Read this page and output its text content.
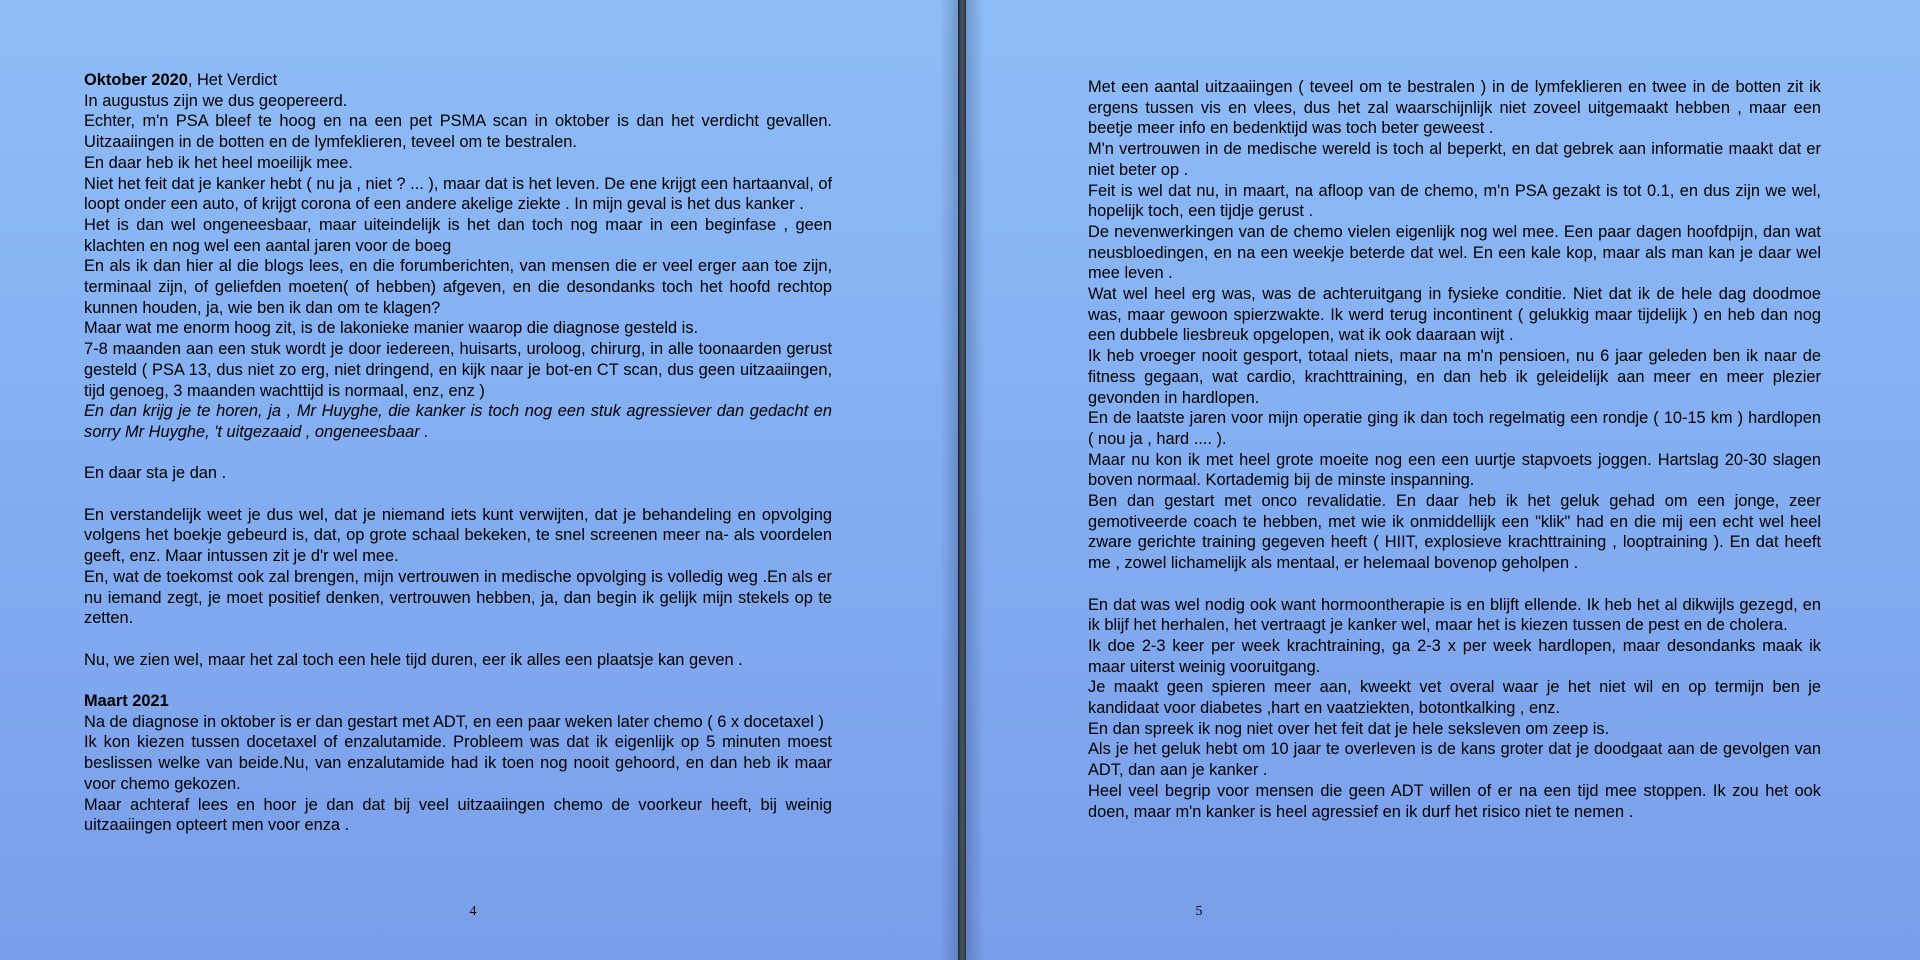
Oktober 2020, Het Verdict

In augustus zijn we dus geopereerd.

Echter, m'n PSA bleef te hoog en na een pet PSMA scan in oktober is dan het verdicht gevallen. Uitzaaiingen in de botten en de lymfeklieren, teveel om te bestralen.

En daar heb ik het heel moeilijk mee.

Niet het feit dat je kanker hebt ( nu ja , niet ? ... ), maar dat is het leven. De ene krijgt een hartaanval, of loopt onder een auto, of krijgt corona of een andere akelige ziekte . In mijn geval is het dus kanker .

Het is dan wel ongeneesbaar, maar uiteindelijk is het dan toch nog maar in een beginfase , geen klachten en nog wel een aantal jaren voor de boeg

En als ik dan hier al die blogs lees, en die forumberichten, van mensen die er veel erger aan toe zijn, terminaal zijn, of geliefden moeten( of hebben) afgeven, en die desondanks toch het hoofd rechtop kunnen houden, ja, wie ben ik dan om te klagen?

Maar wat me enorm hoog zit, is de lakonieke manier waarop die diagnose gesteld is.

7-8 maanden aan een stuk wordt je door iedereen, huisarts, uroloog, chirurg, in alle toonaarden gerust gesteld ( PSA 13, dus niet zo erg, niet dringend, en kijk naar je bot-en CT scan, dus geen uitzaaiingen, tijd genoeg, 3 maanden wachttijd is normaal, enz, enz )

En dan krijg je te horen, ja , Mr Huyghe, die kanker is toch nog een stuk agressiever dan gedacht en sorry Mr Huyghe, 't uitgezaaid , ongeneesbaar .

En daar sta je dan .

En verstandelijk weet je dus wel, dat je niemand iets kunt verwijten, dat je behandeling en opvolging volgens het boekje gebeurd is, dat, op grote schaal bekeken, te snel screenen meer na- als voordelen geeft, enz. Maar intussen zit je d'r wel mee.

En, wat de toekomst ook zal brengen, mijn vertrouwen in medische opvolging is volledig weg .En als er nu iemand zegt, je moet positief denken, vertrouwen hebben, ja, dan begin ik gelijk mijn stekels op te zetten.

Nu, we zien wel, maar het zal toch een hele tijd duren, eer ik alles een plaatsje kan geven .

Maart 2021

Na de diagnose in oktober is er dan gestart met ADT, en een paar weken later chemo ( 6 x docetaxel )

Ik kon kiezen tussen docetaxel of enzalutamide. Probleem was dat ik eigenlijk op 5 minuten moest beslissen welke van beide.Nu, van enzalutamide had ik toen nog nooit gehoord, en dan heb ik maar voor chemo gekozen.

Maar achteraf lees en hoor je dan dat bij veel uitzaaiingen chemo de voorkeur heeft, bij weinig uitzaaiingen opteert men voor enza .

4

Met een aantal uitzaaiingen ( teveel om te bestralen ) in de lymfeklieren en twee in de botten zit ik ergens tussen vis en vlees, dus het zal waarschijnlijk niet zoveel uitgemaakt hebben , maar een beetje meer info en bedenktijd was toch beter geweest .

M'n vertrouwen in de medische wereld is toch al beperkt, en dat gebrek aan informatie maakt dat er niet beter op .

Feit is wel dat nu, in maart, na afloop van de chemo, m'n PSA gezakt is tot 0.1, en dus zijn we wel, hopelijk toch, een tijdje gerust .

De nevenwerkingen van de chemo vielen eigenlijk nog wel mee. Een paar dagen hoofdpijn, dan wat neusbloedingen, en na een weekje beterde dat wel. En een kale kop, maar als man kan je daar wel mee leven .

Wat wel heel erg was, was de achteruitgang in fysieke conditie. Niet dat ik de hele dag doodmoe was, maar gewoon spierzwakte. Ik werd terug incontinent ( gelukkig maar tijdelijk ) en heb dan nog een dubbele liesbreuk opgelopen, wat ik ook daaraan wijt .

Ik heb vroeger nooit gesport, totaal niets, maar na m'n pensioen, nu 6 jaar geleden ben ik naar de fitness gegaan, wat cardio, krachttraining, en dan heb ik geleidelijk aan meer en meer plezier gevonden in hardlopen.

En de laatste jaren voor mijn operatie ging ik dan toch regelmatig een rondje ( 10-15 km ) hardlopen ( nou ja , hard .... ).

Maar nu kon ik met heel grote moeite nog een een uurtje stapvoets joggen. Hartslag 20-30 slagen boven normaal. Kortademig bij de minste inspanning.

Ben dan gestart met onco revalidatie. En daar heb ik het geluk gehad om een jonge, zeer gemotiveerde coach te hebben, met wie ik onmiddellijk een "klik" had en die mij een echt wel heel zware gerichte training gegeven heeft ( HIIT, explosieve krachttraining , looptraining ). En dat heeft me , zowel lichamelijk als mentaal, er helemaal bovenop geholpen .

En dat was wel nodig ook want hormoontherapie is en blijft ellende. Ik heb het al dikwijls gezegd, en ik blijf het herhalen, het vertraagt je kanker wel, maar het is kiezen tussen de pest en de cholera.

Ik doe 2-3 keer per week krachtraining, ga 2-3 x per week hardlopen, maar desondanks maak ik maar uiterst weinig vooruitgang.

Je maakt geen spieren meer aan, kweekt vet overal waar je het niet wil en op termijn ben je kandidaat voor diabetes ,hart en vaatziekten, botontkalking , enz.

En dan spreek ik nog niet over het feit dat je hele seksleven om zeep is.

Als je het geluk hebt om 10 jaar te overleven is de kans groter dat je doodgaat aan de gevolgen van ADT, dan aan je kanker .

Heel veel begrip voor mensen die geen ADT willen of er na een tijd mee stoppen. Ik zou het ook doen, maar m'n kanker is heel agressief en ik durf het risico niet te nemen .

5
